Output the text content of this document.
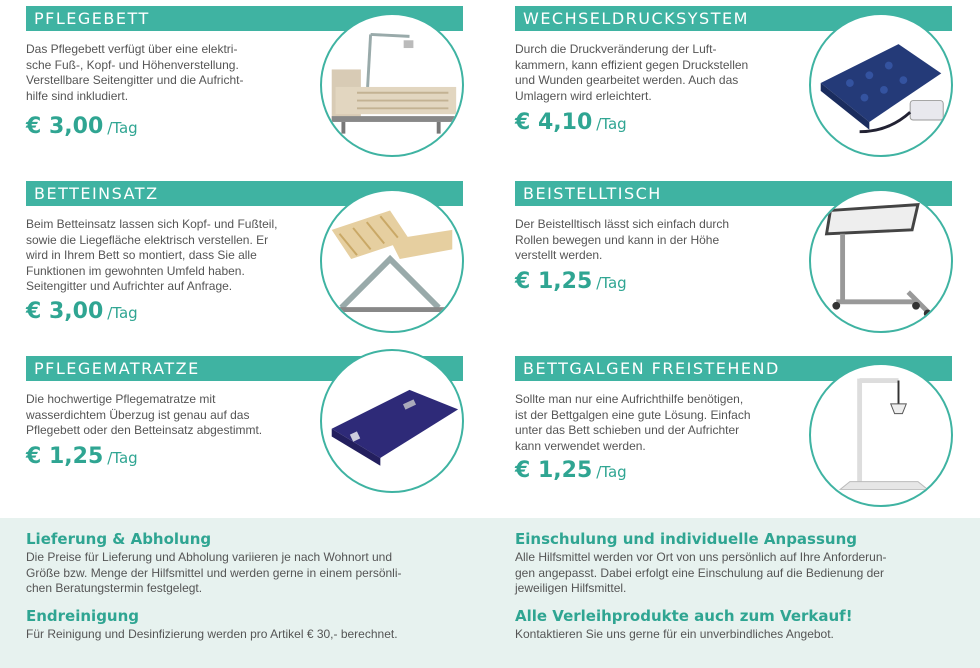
PFLEGEBETT
Das Pflegebett verfügt über eine elektri-
sche Fuß-, Kopf- und Höhenverstellung.
Verstellbare Seitengitter und die Aufricht-
hilfe sind inkludiert.
€ 3,00 /Tag
WECHSELDRUCKSYSTEM
Durch die Druckveränderung der Luft-
kammern, kann effizient gegen Druckstellen
und Wunden gearbeitet werden. Auch das
Umlagern wird erleichtert.
€ 4,10 /Tag
BETTEINSATZ
Beim Betteinsatz lassen sich Kopf- und Fußteil,
sowie die Liegefläche elektrisch verstellen. Er
wird in Ihrem Bett so montiert, dass Sie alle
Funktionen im gewohnten Umfeld haben.
Seitengitter und Aufrichter auf Anfrage.
€ 3,00 /Tag
BEISTELLTISCH
Der Beistelltisch lässt sich einfach durch
Rollen bewegen und kann in der Höhe
verstellt werden.
€ 1,25 /Tag
PFLEGEMATRATZE
Die hochwertige Pflegematratze mit
wasserdichtem Überzug ist genau auf das
Pflegebett oder den Betteinsatz abgestimmt.
€ 1,25 /Tag
BETTGALGEN FREISTEHEND
Sollte man nur eine Aufrichthilfe benötigen,
ist der Bettgalgen eine gute Lösung. Einfach
unter das Bett schieben und der Aufrichter
kann verwendet werden.
€ 1,25 /Tag
Lieferung & Abholung
Die Preise für Lieferung und Abholung variieren je nach Wohnort und
Größe bzw. Menge der Hilfsmittel und werden gerne in einem persönli-
chen Beratungstermin festgelegt.
Endreinigung
Für Reinigung und Desinfizierung werden pro Artikel € 30,- berechnet.
Einschulung und individuelle Anpassung
Alle Hilfsmittel werden vor Ort von uns persönlich auf Ihre Anforderun-
gen angepasst. Dabei erfolgt eine Einschulung auf die Bedienung der
jeweiligen Hilfsmittel.
Alle Verleihprodukte auch zum Verkauf!
Kontaktieren Sie uns gerne für ein unverbindliches Angebot.
